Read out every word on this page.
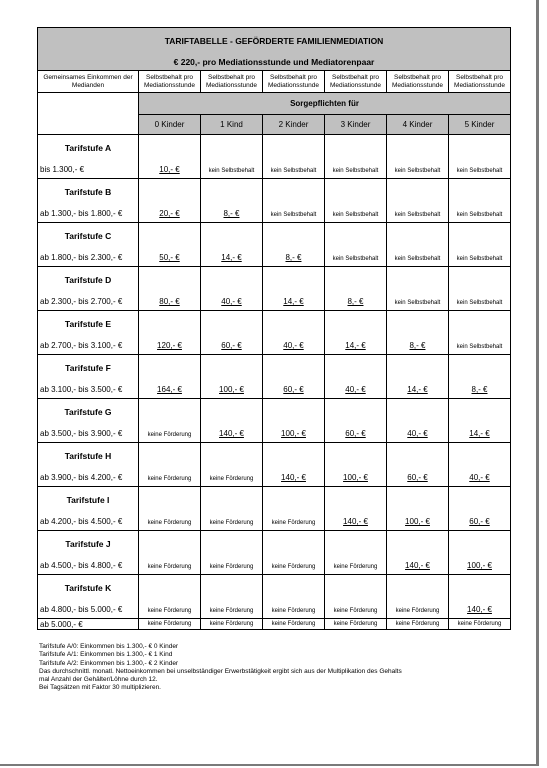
TARIFTABELLE - GEFÖRDERTE FAMILIENMEDIATION						
€ 220,- pro Mediationsstunde und Mediatorenpaar						
Gemeinsames Einkommen der Medianden	Selbstbehalt pro Mediationsstunde	Selbstbehalt pro Mediationsstunde	Selbstbehalt pro Mediationsstunde	Selbstbehalt pro Mediationsstunde	Selbstbehalt pro Mediationsstunde	Selbstbehalt pro Mediationsstunde
	Sorgepflichten für					
	0 Kinder	1 Kind	2 Kinder	3 Kinder	4 Kinder	5 Kinder
Tarifstufe A						
bis 1.300,- €	10,- €	kein Selbstbehalt	kein Selbstbehalt	kein Selbstbehalt	kein Selbstbehalt	kein Selbstbehalt
Tarifstufe B						
ab 1.300,- bis 1.800,- €	20,- €	8,- €	kein Selbstbehalt	kein Selbstbehalt	kein Selbstbehalt	kein Selbstbehalt
Tarifstufe C						
ab 1.800,- bis 2.300,- €	50,- €	14,- €	8,- €	kein Selbstbehalt	kein Selbstbehalt	kein Selbstbehalt
Tarifstufe D						
ab 2.300,- bis 2.700,- €	80,- €	40,- €	14,- €	8,- €	kein Selbstbehalt	kein Selbstbehalt
Tarifstufe E						
ab 2.700,- bis 3.100,- €	120,- €	60,- €	40,- €	14,- €	8,- €	kein Selbstbehalt
Tarifstufe F						
ab 3.100,- bis 3.500,- €	164,- €	100,- €	60,- €	40,- €	14,- €	8,- €
Tarifstufe G						
ab 3.500,- bis 3.900,- €	keine Förderung	140,- €	100,- €	60,- €	40,- €	14,- €
Tarifstufe H						
ab 3.900,- bis 4.200,- €	keine Förderung	keine Förderung	140,- €	100,- €	60,- €	40,- €
Tarifstufe I						
ab 4.200,- bis 4.500,- €	keine Förderung	keine Förderung	keine Förderung	140,- €	100,- €	60,- €
Tarifstufe J						
ab 4.500,- bis 4.800,- €	keine Förderung	keine Förderung	keine Förderung	keine Förderung	140,- €	100,- €
Tarifstufe K						
ab 4.800,- bis 5.000,- €	keine Förderung	keine Förderung	keine Förderung	keine Förderung	keine Förderung	140,- €
ab 5.000,- €	keine Förderung	keine Förderung	keine Förderung	keine Förderung	keine Förderung	keine Förderung
Tarifstufe A/0: Einkommen bis 1.300,- € 0 Kinder
Tarifstufe A/1: Einkommen bis 1.300,- € 1 Kind
Tarifstufe A/2: Einkommen bis 1.300,- € 2 Kinder
Das durchschnittl. monatl. Nettoeinkommen bei unselbständiger Erwerbstätigkeit ergibt sich aus der Multiplikation des Gehalts
mal Anzahl der Gehälter/Löhne durch 12.
Bei Tagsätzen mit Faktor 30 multiplizieren.
